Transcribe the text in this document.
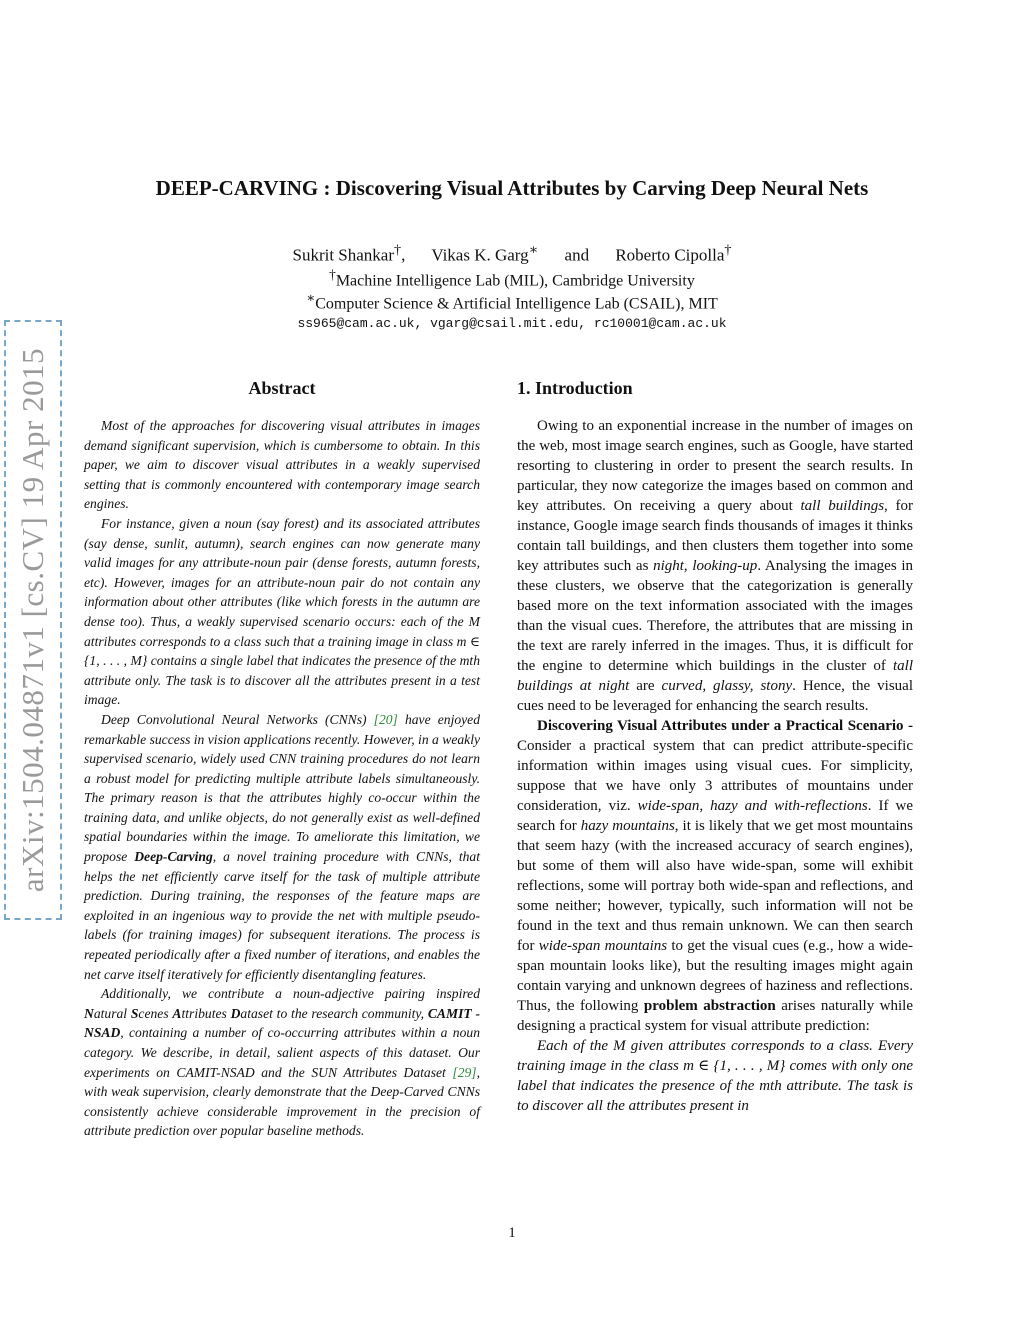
arXiv:1504.04871v1 [cs.CV] 19 Apr 2015
DEEP-CARVING : Discovering Visual Attributes by Carving Deep Neural Nets
Sukrit Shankar†, Vikas K. Garg∗ and Roberto Cipolla†
†Machine Intelligence Lab (MIL), Cambridge University
∗Computer Science & Artificial Intelligence Lab (CSAIL), MIT
ss965@cam.ac.uk, vgarg@csail.mit.edu, rc10001@cam.ac.uk
Abstract

Most of the approaches for discovering visual attributes in images demand significant supervision, which is cumbersome to obtain. In this paper, we aim to discover visual attributes in a weakly supervised setting that is commonly encountered with contemporary image search engines.

For instance, given a noun (say forest) and its associated attributes (say dense, sunlit, autumn), search engines can now generate many valid images for any attribute-noun pair (dense forests, autumn forests, etc). However, images for an attribute-noun pair do not contain any information about other attributes (like which forests in the autumn are dense too). Thus, a weakly supervised scenario occurs: each of the M attributes corresponds to a class such that a training image in class m ∈ {1, . . . , M} contains a single label that indicates the presence of the mth attribute only. The task is to discover all the attributes present in a test image.

Deep Convolutional Neural Networks (CNNs) [20] have enjoyed remarkable success in vision applications recently. However, in a weakly supervised scenario, widely used CNN training procedures do not learn a robust model for predicting multiple attribute labels simultaneously. The primary reason is that the attributes highly co-occur within the training data, and unlike objects, do not generally exist as well-defined spatial boundaries within the image. To ameliorate this limitation, we propose Deep-Carving, a novel training procedure with CNNs, that helps the net efficiently carve itself for the task of multiple attribute prediction. During training, the responses of the feature maps are exploited in an ingenious way to provide the net with multiple pseudo-labels (for training images) for subsequent iterations. The process is repeated periodically after a fixed number of iterations, and enables the net carve itself iteratively for efficiently disentangling features.

Additionally, we contribute a noun-adjective pairing inspired Natural Scenes Attributes Dataset to the research community, CAMIT - NSAD, containing a number of co-occurring attributes within a noun category. We describe, in detail, salient aspects of this dataset. Our experiments on CAMIT-NSAD and the SUN Attributes Dataset [29], with weak supervision, clearly demonstrate that the Deep-Carved CNNs consistently achieve considerable improvement in the precision of attribute prediction over popular baseline methods.

1. Introduction

Owing to an exponential increase in the number of images on the web, most image search engines, such as Google, have started resorting to clustering in order to present the search results. In particular, they now categorize the images based on common and key attributes. On receiving a query about tall buildings, for instance, Google image search finds thousands of images it thinks contain tall buildings, and then clusters them together into some key attributes such as night, looking-up. Analysing the images in these clusters, we observe that the categorization is generally based more on the text information associated with the images than the visual cues. Therefore, the attributes that are missing in the text are rarely inferred in the images. Thus, it is difficult for the engine to determine which buildings in the cluster of tall buildings at night are curved, glassy, stony. Hence, the visual cues need to be leveraged for enhancing the search results.

Discovering Visual Attributes under a Practical Scenario - Consider a practical system that can predict attribute-specific information within images using visual cues. For simplicity, suppose that we have only 3 attributes of mountains under consideration, viz. wide-span, hazy and with-reflections. If we search for hazy mountains, it is likely that we get most mountains that seem hazy (with the increased accuracy of search engines), but some of them will also have wide-span, some will exhibit reflections, some will portray both wide-span and reflections, and some neither; however, typically, such information will not be found in the text and thus remain unknown. We can then search for wide-span mountains to get the visual cues (e.g., how a wide-span mountain looks like), but the resulting images might again contain varying and unknown degrees of haziness and reflections. Thus, the following problem abstraction arises naturally while designing a practical system for visual attribute prediction:

Each of the M given attributes corresponds to a class. Every training image in the class m ∈ {1, . . . , M} comes with only one label that indicates the presence of the mth attribute. The task is to discover all the attributes present in

1
